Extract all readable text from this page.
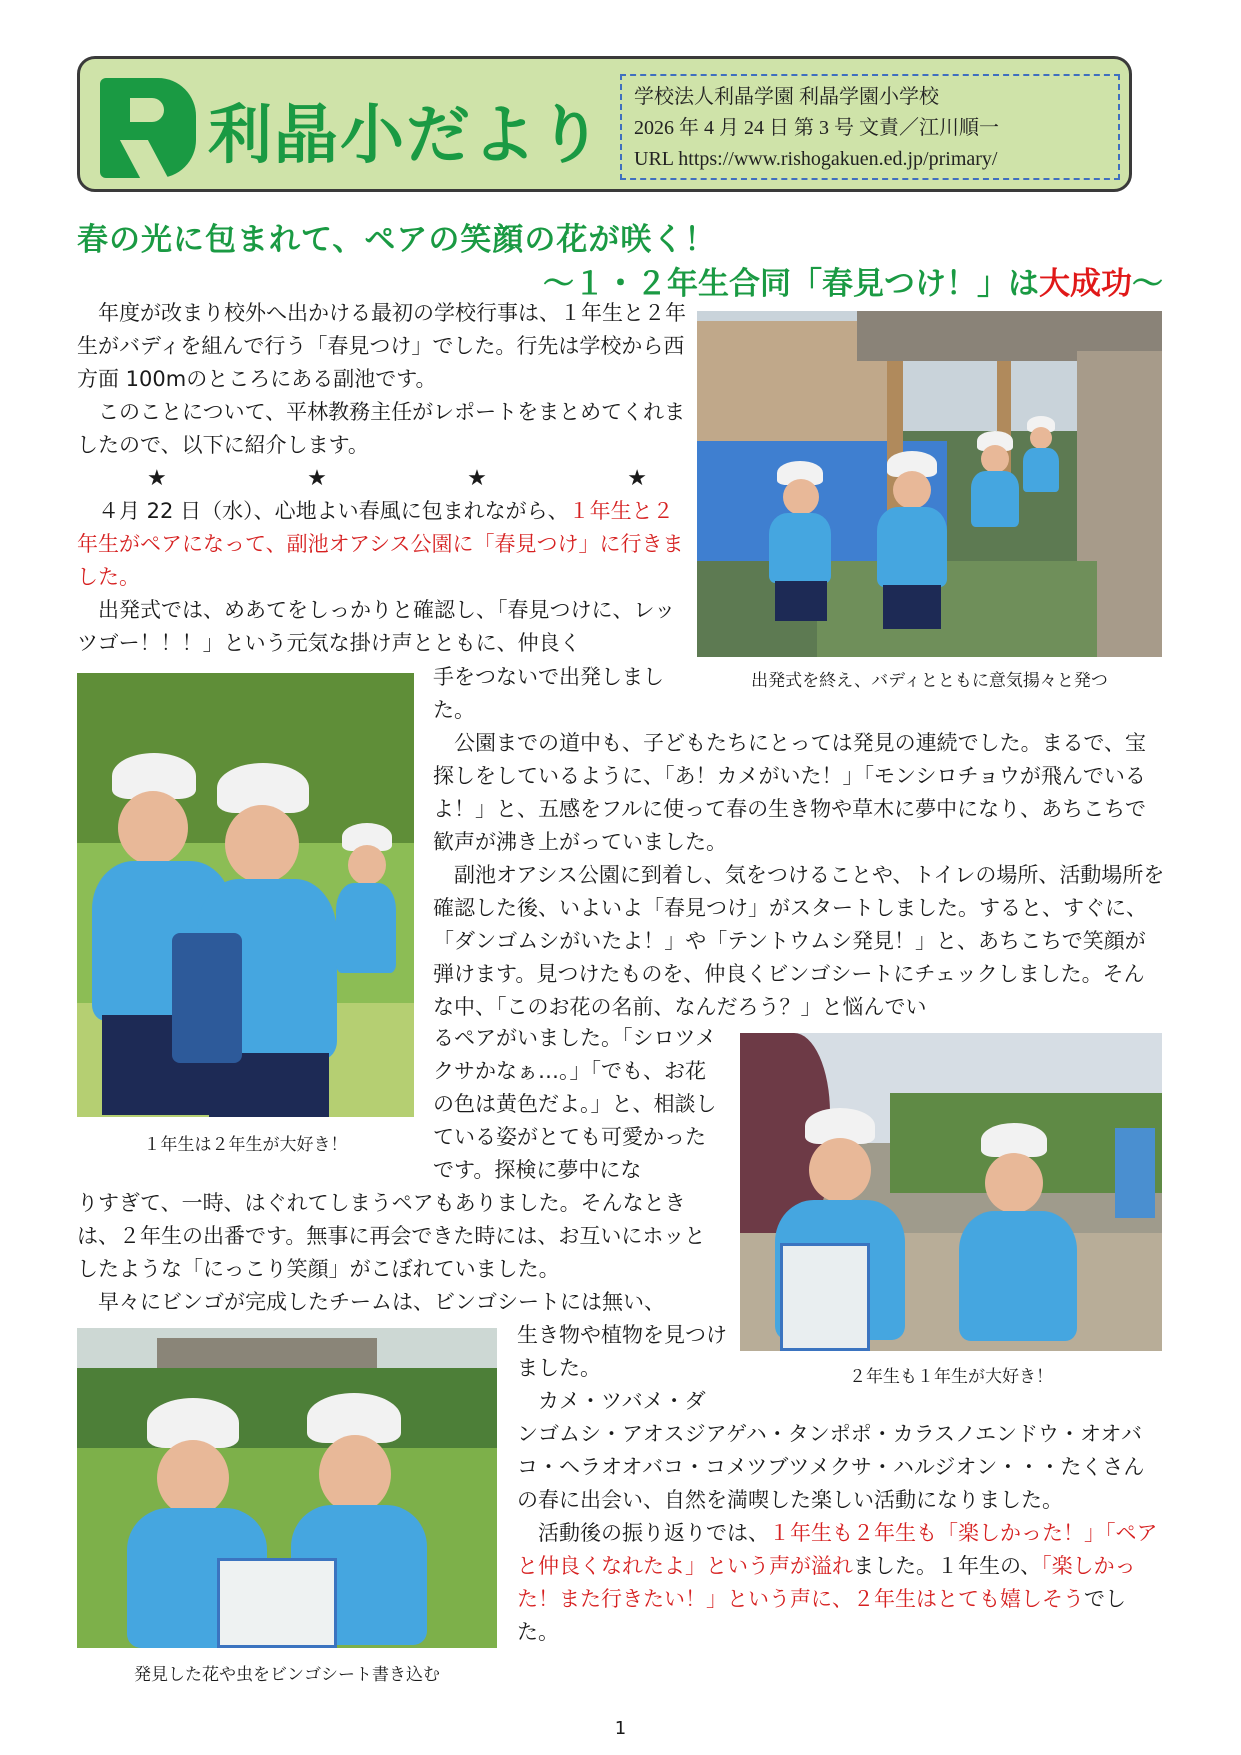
利晶小だより
学校法人利晶学園 利晶学園小学校
2026 年 4 月 24 日 第 3 号 文責／江川順一
URL https://www.rishogakuen.ed.jp/primary/
春の光に包まれて、ペアの笑顔の花が咲く！
～１・２年生合同「春見つけ！」は大成功～
出発式を終え、バディとともに意気揚々と発つ
１年生は２年生が大好き！
２年生も１年生が大好き！
発見した花や虫をビンゴシート書き込む

年度が改まり校外へ出かける最初の学校行事は、１年生と２年生がバディを組んで行う「春見つけ」でした。行先は学校から西方面 100mのところにある副池です。

このことについて、平林教務主任がレポートをまとめてくれましたので、以下に紹介します。

★	★	★	★

４月 22 日（水）、心地よい春風に包まれながら、１年生と２年生がペアになって、副池オアシス公園に「春見つけ」に行きました。

出発式では、めあてをしっかりと確認し、「春見つけに、レッツゴー！！！」という元気な掛け声とともに、仲良く

手をつないで出発しました。

公園までの道中も、子どもたちにとっては発見の連続でした。まるで、宝探しをしているように、「あ！カメがいた！」「モンシロチョウが飛んでいるよ！」と、五感をフルに使って春の生き物や草木に夢中になり、あちこちで歓声が沸き上がっていました。

副池オアシス公園に到着し、気をつけることや、トイレの場所、活動場所を確認した後、いよいよ「春見つけ」がスタートしました。すると、すぐに、「ダンゴムシがいたよ！」や「テントウムシ発見！」と、あちこちで笑顔が弾けます。見つけたものを、仲良くビンゴシートにチェックしました。そんな中、「このお花の名前、なんだろう？」と悩んでい

るペアがいました。「シロツメクサかなぁ…。」「でも、お花の色は黄色だよ。」と、相談している姿がとても可愛かったです。探検に夢中にな

りすぎて、一時、はぐれてしまうペアもありました。そんなときは、２年生の出番です。無事に再会できた時には、お互いにホッとしたような「にっこり笑顔」がこぼれていました。

早々にビンゴが完成したチームは、ビンゴシートには無い、

生き物や植物を見つけました。

カメ・ツバメ・ダ

ンゴムシ・アオスジアゲハ・タンポポ・カラスノエンドウ・オオバコ・ヘラオオバコ・コメツブツメクサ・ハルジオン・・・たくさんの春に出会い、自然を満喫した楽しい活動になりました。

活動後の振り返りでは、１年生も２年生も「楽しかった！」「ペアと仲良くなれたよ」という声が溢れました。１年生の、「楽しかった！また行きたい！」という声に、２年生はとても嬉しそうでした。

1
